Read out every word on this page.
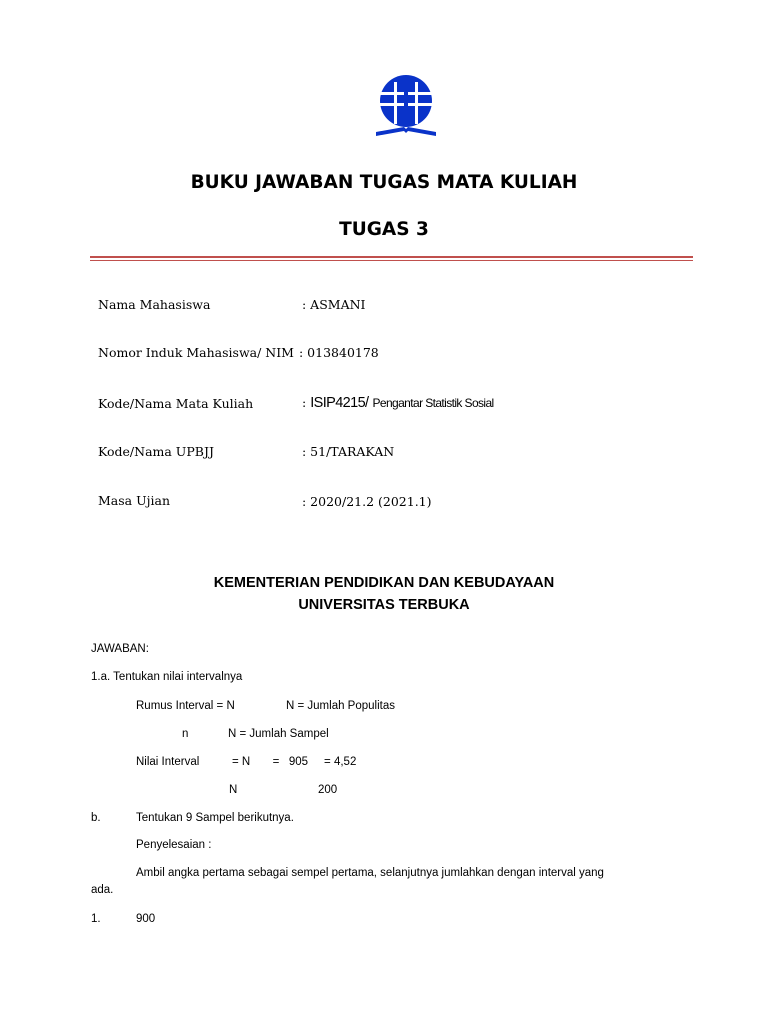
BUKU JAWABAN TUGAS MATA KULIAH
TUGAS 3
Nama Mahasiswa	: ASMANI
Nomor Induk Mahasiswa/ NIM : 013840178
Kode/Nama Mata Kuliah	: ISIP4215/ Pengantar Statistik Sosial
Kode/Nama UPBJJ	: 51/TARAKAN
Masa Ujian	: 2020/21.2 (2021.1)
KEMENTERIAN PENDIDIKAN DAN KEBUDAYAAN
UNIVERSITAS TERBUKA
JAWABAN:
1.a. Tentukan nilai intervalnya
Rumus Interval = N	N = Jumlah Populitas
n	N = Jumlah Sampel
Nilai Interval	= N       =   905     = 4,52
N	200
b.	Tentukan 9 Sampel berikutnya.
Penyelesaian :
Ambil angka pertama sebagai sempel pertama, selanjutnya jumlahkan dengan interval yang
ada.
1.	900
